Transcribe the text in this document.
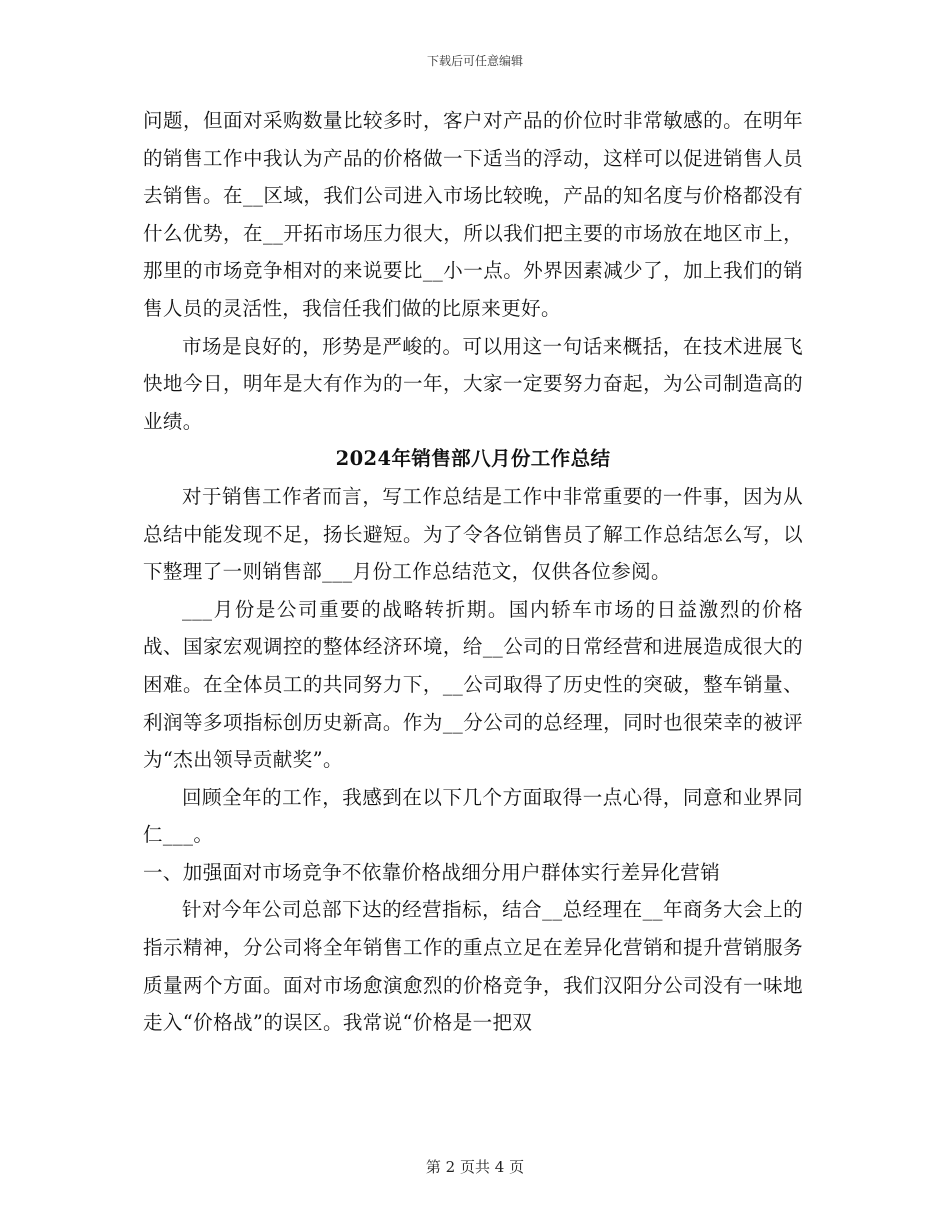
下载后可任意编辑

问题，但面对采购数量比较多时，客户对产品的价位时非常敏感的。在明年的销售工作中我认为产品的价格做一下适当的浮动，这样可以促进销售人员去销售。在__区域，我们公司进入市场比较晚，产品的知名度与价格都没有什么优势，在__开拓市场压力很大，所以我们把主要的市场放在地区市上，那里的市场竞争相对的来说要比__小一点。外界因素减少了，加上我们的销售人员的灵活性，我信任我们做的比原来更好。

市场是良好的，形势是严峻的。可以用这一句话来概括，在技术进展飞快地今日，明年是大有作为的一年，大家一定要努力奋起，为公司制造高的业绩。

2024年销售部八月份工作总结

对于销售工作者而言，写工作总结是工作中非常重要的一件事，因为从总结中能发现不足，扬长避短。为了令各位销售员了解工作总结怎么写，以下整理了一则销售部___月份工作总结范文，仅供各位参阅。

___月份是公司重要的战略转折期。国内轿车市场的日益激烈的价格战、国家宏观调控的整体经济环境，给__公司的日常经营和进展造成很大的困难。在全体员工的共同努力下，__公司取得了历史性的突破，整车销量、利润等多项指标创历史新高。作为__分公司的总经理，同时也很荣幸的被评为“杰出领导贡献奖”。

回顾全年的工作，我感到在以下几个方面取得一点心得，同意和业界同仁___。

一、加强面对市场竞争不依靠价格战细分用户群体实行差异化营销

针对今年公司总部下达的经营指标，结合__总经理在__年商务大会上的指示精神，分公司将全年销售工作的重点立足在差异化营销和提升营销服务质量两个方面。面对市场愈演愈烈的价格竞争，我们汉阳分公司没有一味地走入“价格战”的误区。我常说“价格是一把双

第 2 页共 4 页
